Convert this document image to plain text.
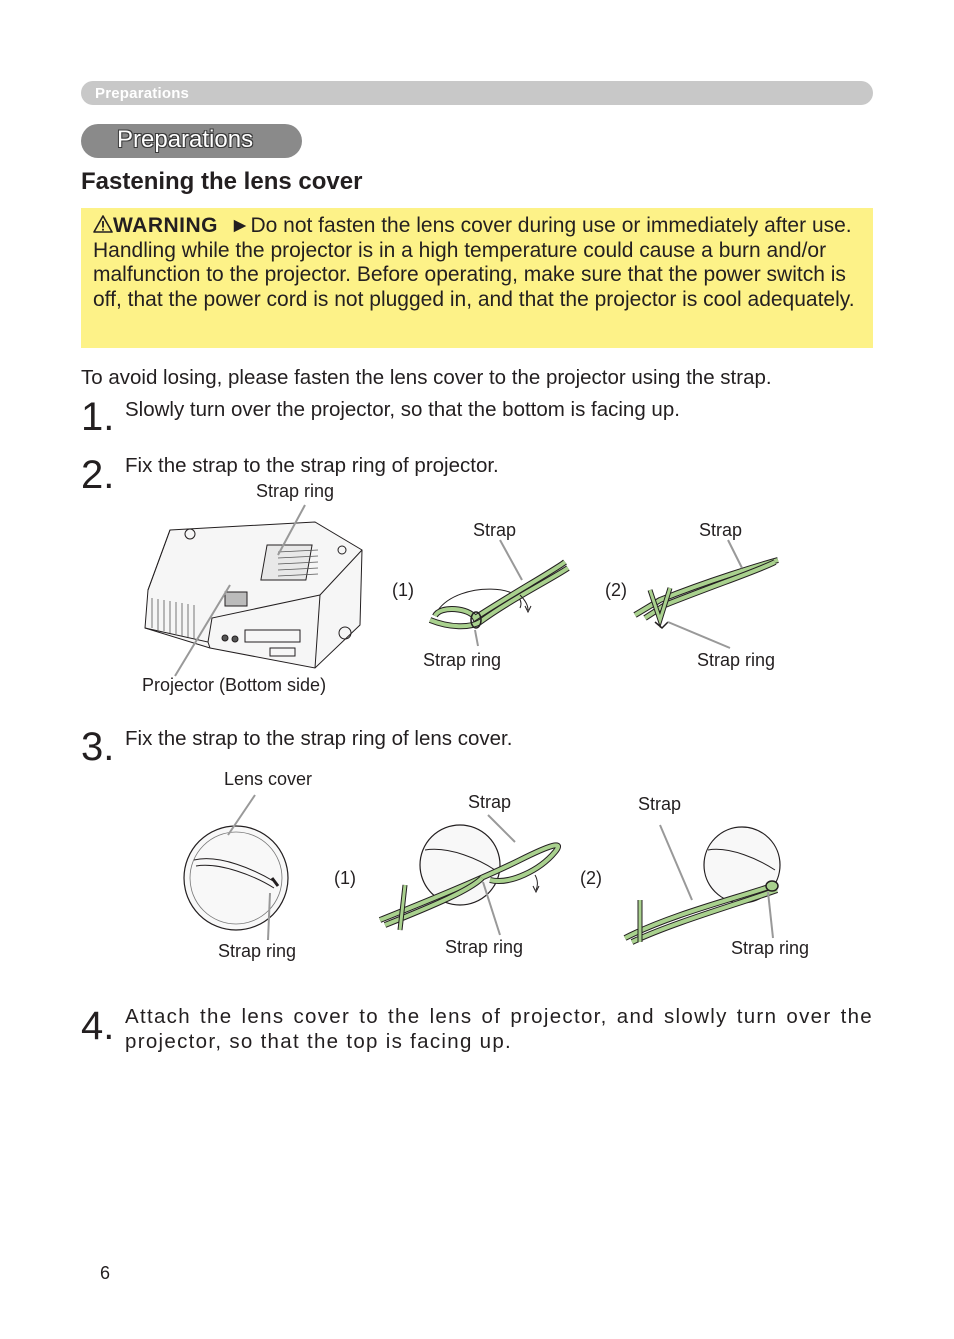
Preparations
Preparations
Fastening the lens cover
WARNING ►Do not fasten the lens cover during use or immediately after use. Handling while the projector is in a high temperature could cause a burn and/or malfunction to the projector. Before operating, make sure that the power switch is off, that the power cord is not plugged in, and that the projector is cool adequately.
To avoid losing, please fasten the lens cover to the projector using the strap.
1. Slowly turn over the projector, so that the bottom is facing up.
2. Fix the strap to the strap ring of projector.
Strap ring
Projector (Bottom side)
(1)	(2)
Strap	Strap
Strap ring	Strap ring
3. Fix the strap to the strap ring of lens cover.
Lens cover
Strap ring
(1)	(2)
Strap	Strap
Strap ring	Strap ring
4. Attach the lens cover to the lens of projector, and slowly turn over the projector, so that the top is facing up.
6
